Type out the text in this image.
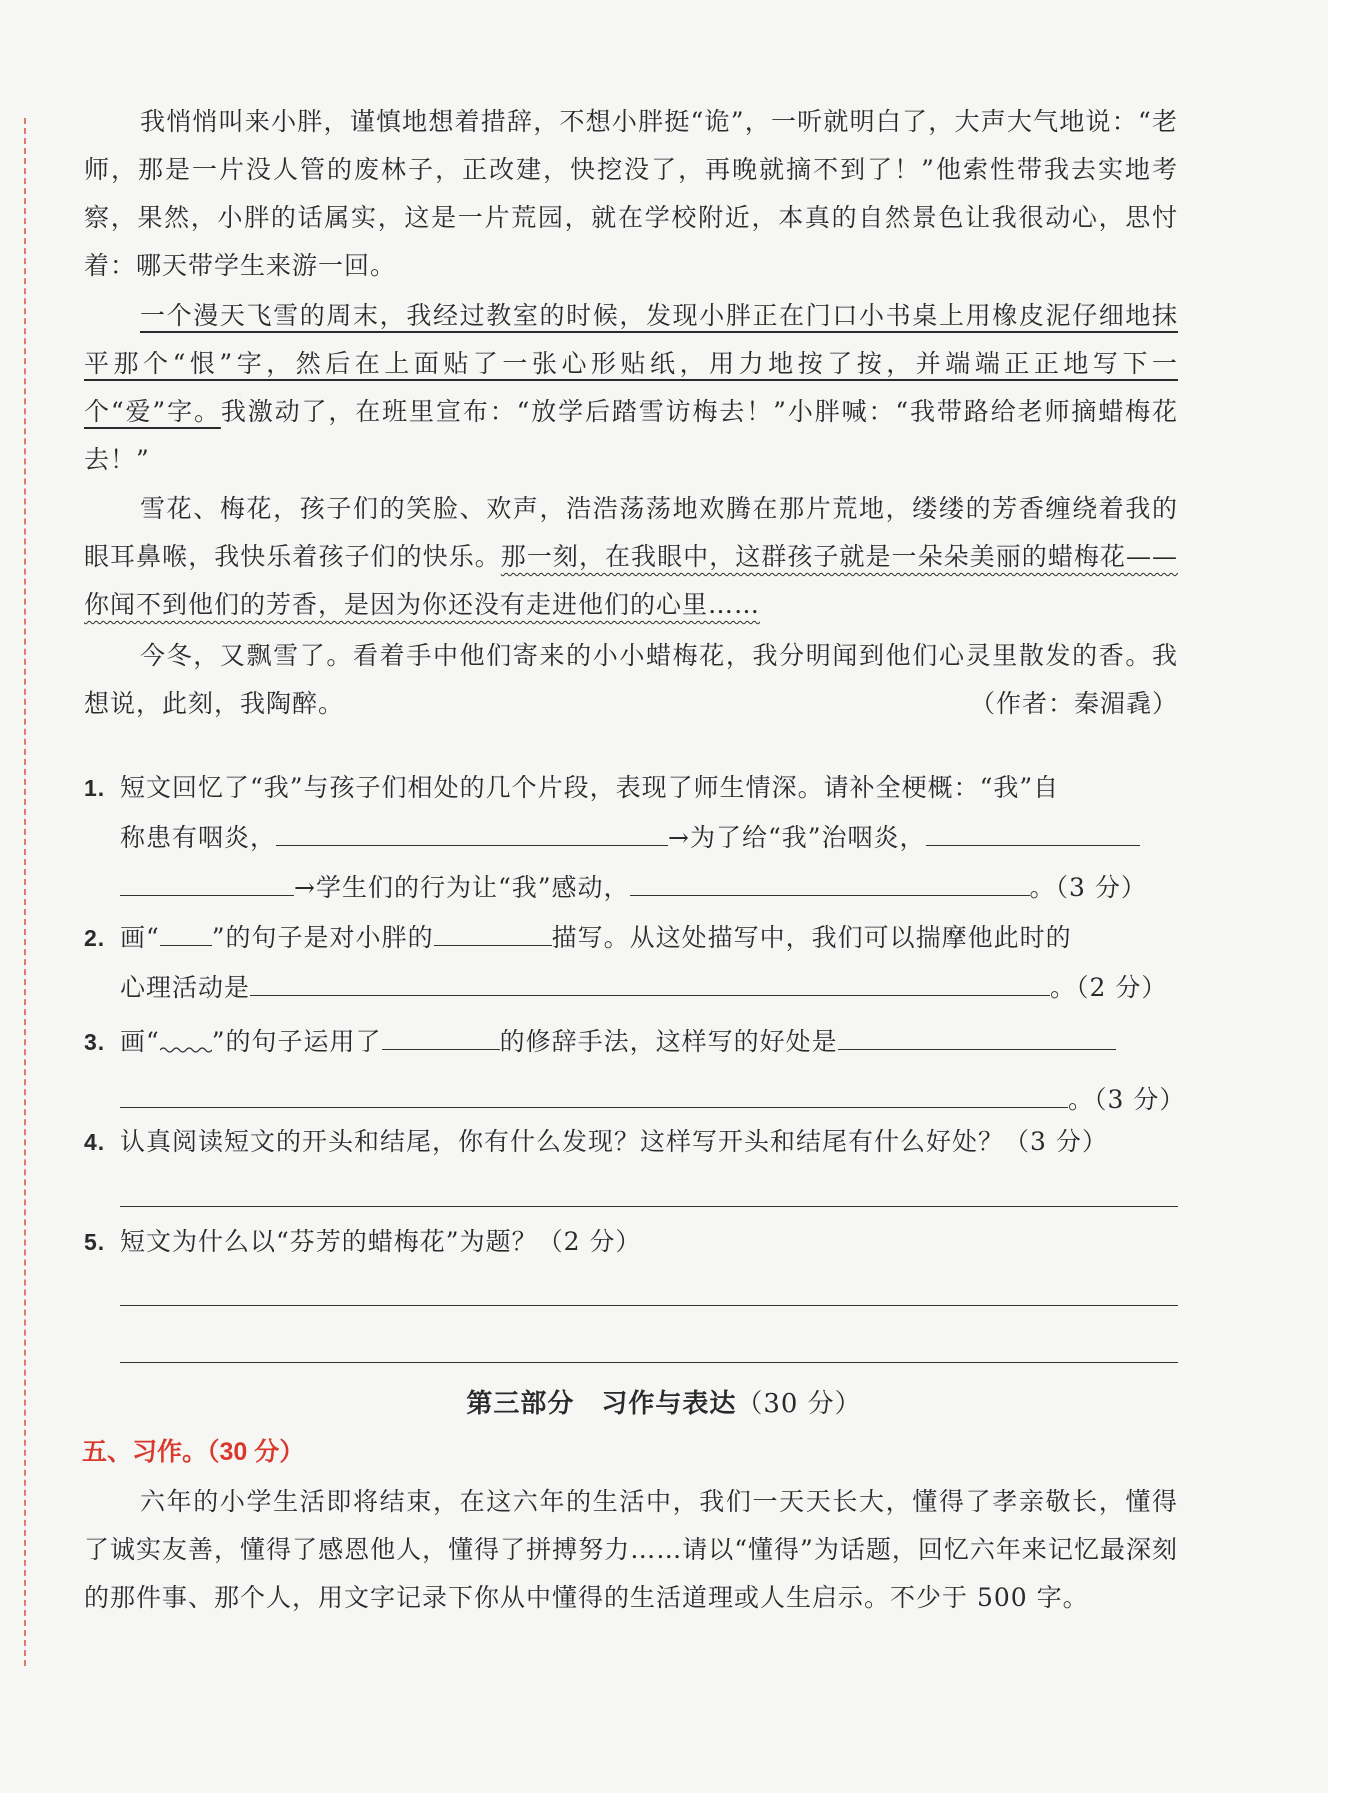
我悄悄叫来小胖，谨慎地想着措辞，不想小胖挺“诡”，一听就明白了，大声大气地说：“老师，那是一片没人管的废林子，正改建，快挖没了，再晚就摘不到了！”他索性带我去实地考察，果然，小胖的话属实，这是一片荒园，就在学校附近，本真的自然景色让我很动心，思忖着：哪天带学生来游一回。

一个漫天飞雪的周末，我经过教室的时候，发现小胖正在门口小书桌上用橡皮泥仔细地抹平那个“恨”字，然后在上面贴了一张心形贴纸，用力地按了按，并端端正正地写下一个“爱”字。我激动了，在班里宣布：“放学后踏雪访梅去！”小胖喊：“我带路给老师摘蜡梅花去！”

雪花、梅花，孩子们的笑脸、欢声，浩浩荡荡地欢腾在那片荒地，缕缕的芳香缠绕着我的眼耳鼻喉，我快乐着孩子们的快乐。那一刻，在我眼中，这群孩子就是一朵朵美丽的蜡梅花——你闻不到他们的芳香，是因为你还没有走进他们的心里……

今冬，又飘雪了。看着手中他们寄来的小小蜡梅花，我分明闻到他们心灵里散发的香。我想说，此刻，我陶醉。	（作者：秦湄毳）

1. 短文回忆了“我”与孩子们相处的几个片段，表现了师生情深。请补全梗概：“我”自
称患有咽炎，	→为了给“我”治咽炎，
→学生们的行为让“我”感动，	。（3 分）
2. 画“ ”的句子是对小胖的	描写。从这处描写中，我们可以揣摩他此时的
心理活动是	。（2 分）
3. 画“ ”的句子运用了	的修辞手法，这样写的好处是
。（3 分）
4. 认真阅读短文的开头和结尾，你有什么发现？这样写开头和结尾有什么好处？（3 分）
5. 短文为什么以“芬芳的蜡梅花”为题？（2 分）
第三部分　习作与表达（30 分）
五、习作。（30 分）

六年的小学生活即将结束，在这六年的生活中，我们一天天长大，懂得了孝亲敬长，懂得了诚实友善，懂得了感恩他人，懂得了拼搏努力……请以“懂得”为话题，回忆六年来记忆最深刻的那件事、那个人，用文字记录下你从中懂得的生活道理或人生启示。不少于 500 字。
